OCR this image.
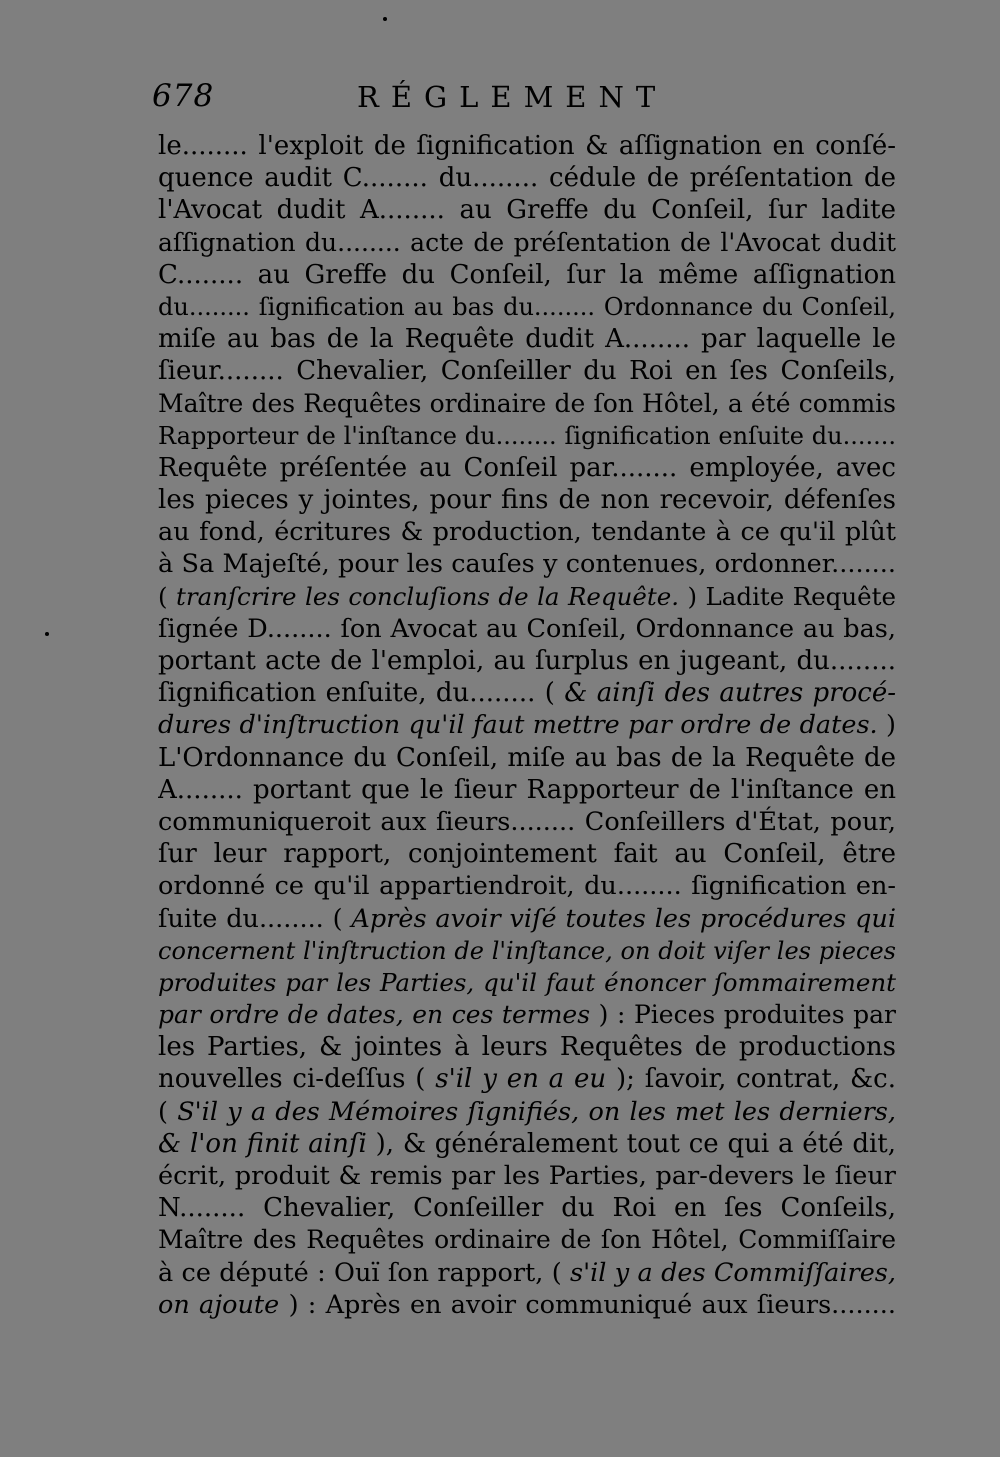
678	RÉGLEMENT
le........ l'exploit de ſignification & aſſignation en conſé-
quence audit C........ du........ cédule de préſentation de
l'Avocat dudit A........ au Greffe du Conſeil, ſur ladite
aſſignation du........ acte de préſentation de l'Avocat dudit
C........ au Greffe du Conſeil, ſur la même aſſignation
du........ ſignification au bas du........ Ordonnance du Conſeil,
miſe au bas de la Requête dudit A........ par laquelle le
ſieur........ Chevalier, Conſeiller du Roi en ſes Conſeils,
Maître des Requêtes ordinaire de ſon Hôtel, a été commis
Rapporteur de l'inſtance du........ ſignification enſuite du.......
Requête préſentée au Conſeil par........ employée, avec
les pieces y jointes, pour fins de non recevoir, défenſes
au fond, écritures & production, tendante à ce qu'il plût
à Sa Majeſté, pour les cauſes y contenues, ordonner........
( tranſcrire les concluſions de la Requête. ) Ladite Requête
ſignée D........ ſon Avocat au Conſeil, Ordonnance au bas,
portant acte de l'emploi, au ſurplus en jugeant, du........
ſignification enſuite, du........ ( & ainſi des autres procé-
dures d'inſtruction qu'il faut mettre par ordre de dates. )
L'Ordonnance du Conſeil, miſe au bas de la Requête de
A........ portant que le ſieur Rapporteur de l'inſtance en
communiqueroit aux ſieurs........ Conſeillers d'État, pour,
ſur leur rapport, conjointement fait au Conſeil, être
ordonné ce qu'il appartiendroit, du........ ſignification en-
ſuite du........ ( Après avoir viſé toutes les procédures qui
concernent l'inſtruction de l'inſtance, on doit viſer les pieces
produites par les Parties, qu'il faut énoncer ſommairement
par ordre de dates, en ces termes ) : Pieces produites par
les Parties, & jointes à leurs Requêtes de productions
nouvelles ci-deſſus ( s'il y en a eu ); ſavoir, contrat, &c.
( S'il y a des Mémoires ſignifiés, on les met les derniers,
& l'on finit ainſi ), & généralement tout ce qui a été dit,
écrit, produit & remis par les Parties, par-devers le ſieur
N........ Chevalier, Conſeiller du Roi en ſes Conſeils,
Maître des Requêtes ordinaire de ſon Hôtel, Commiſſaire
à ce député : Ouï ſon rapport, ( s'il y a des Commiſſaires,
on ajoute ) : Après en avoir communiqué aux ſieurs........
